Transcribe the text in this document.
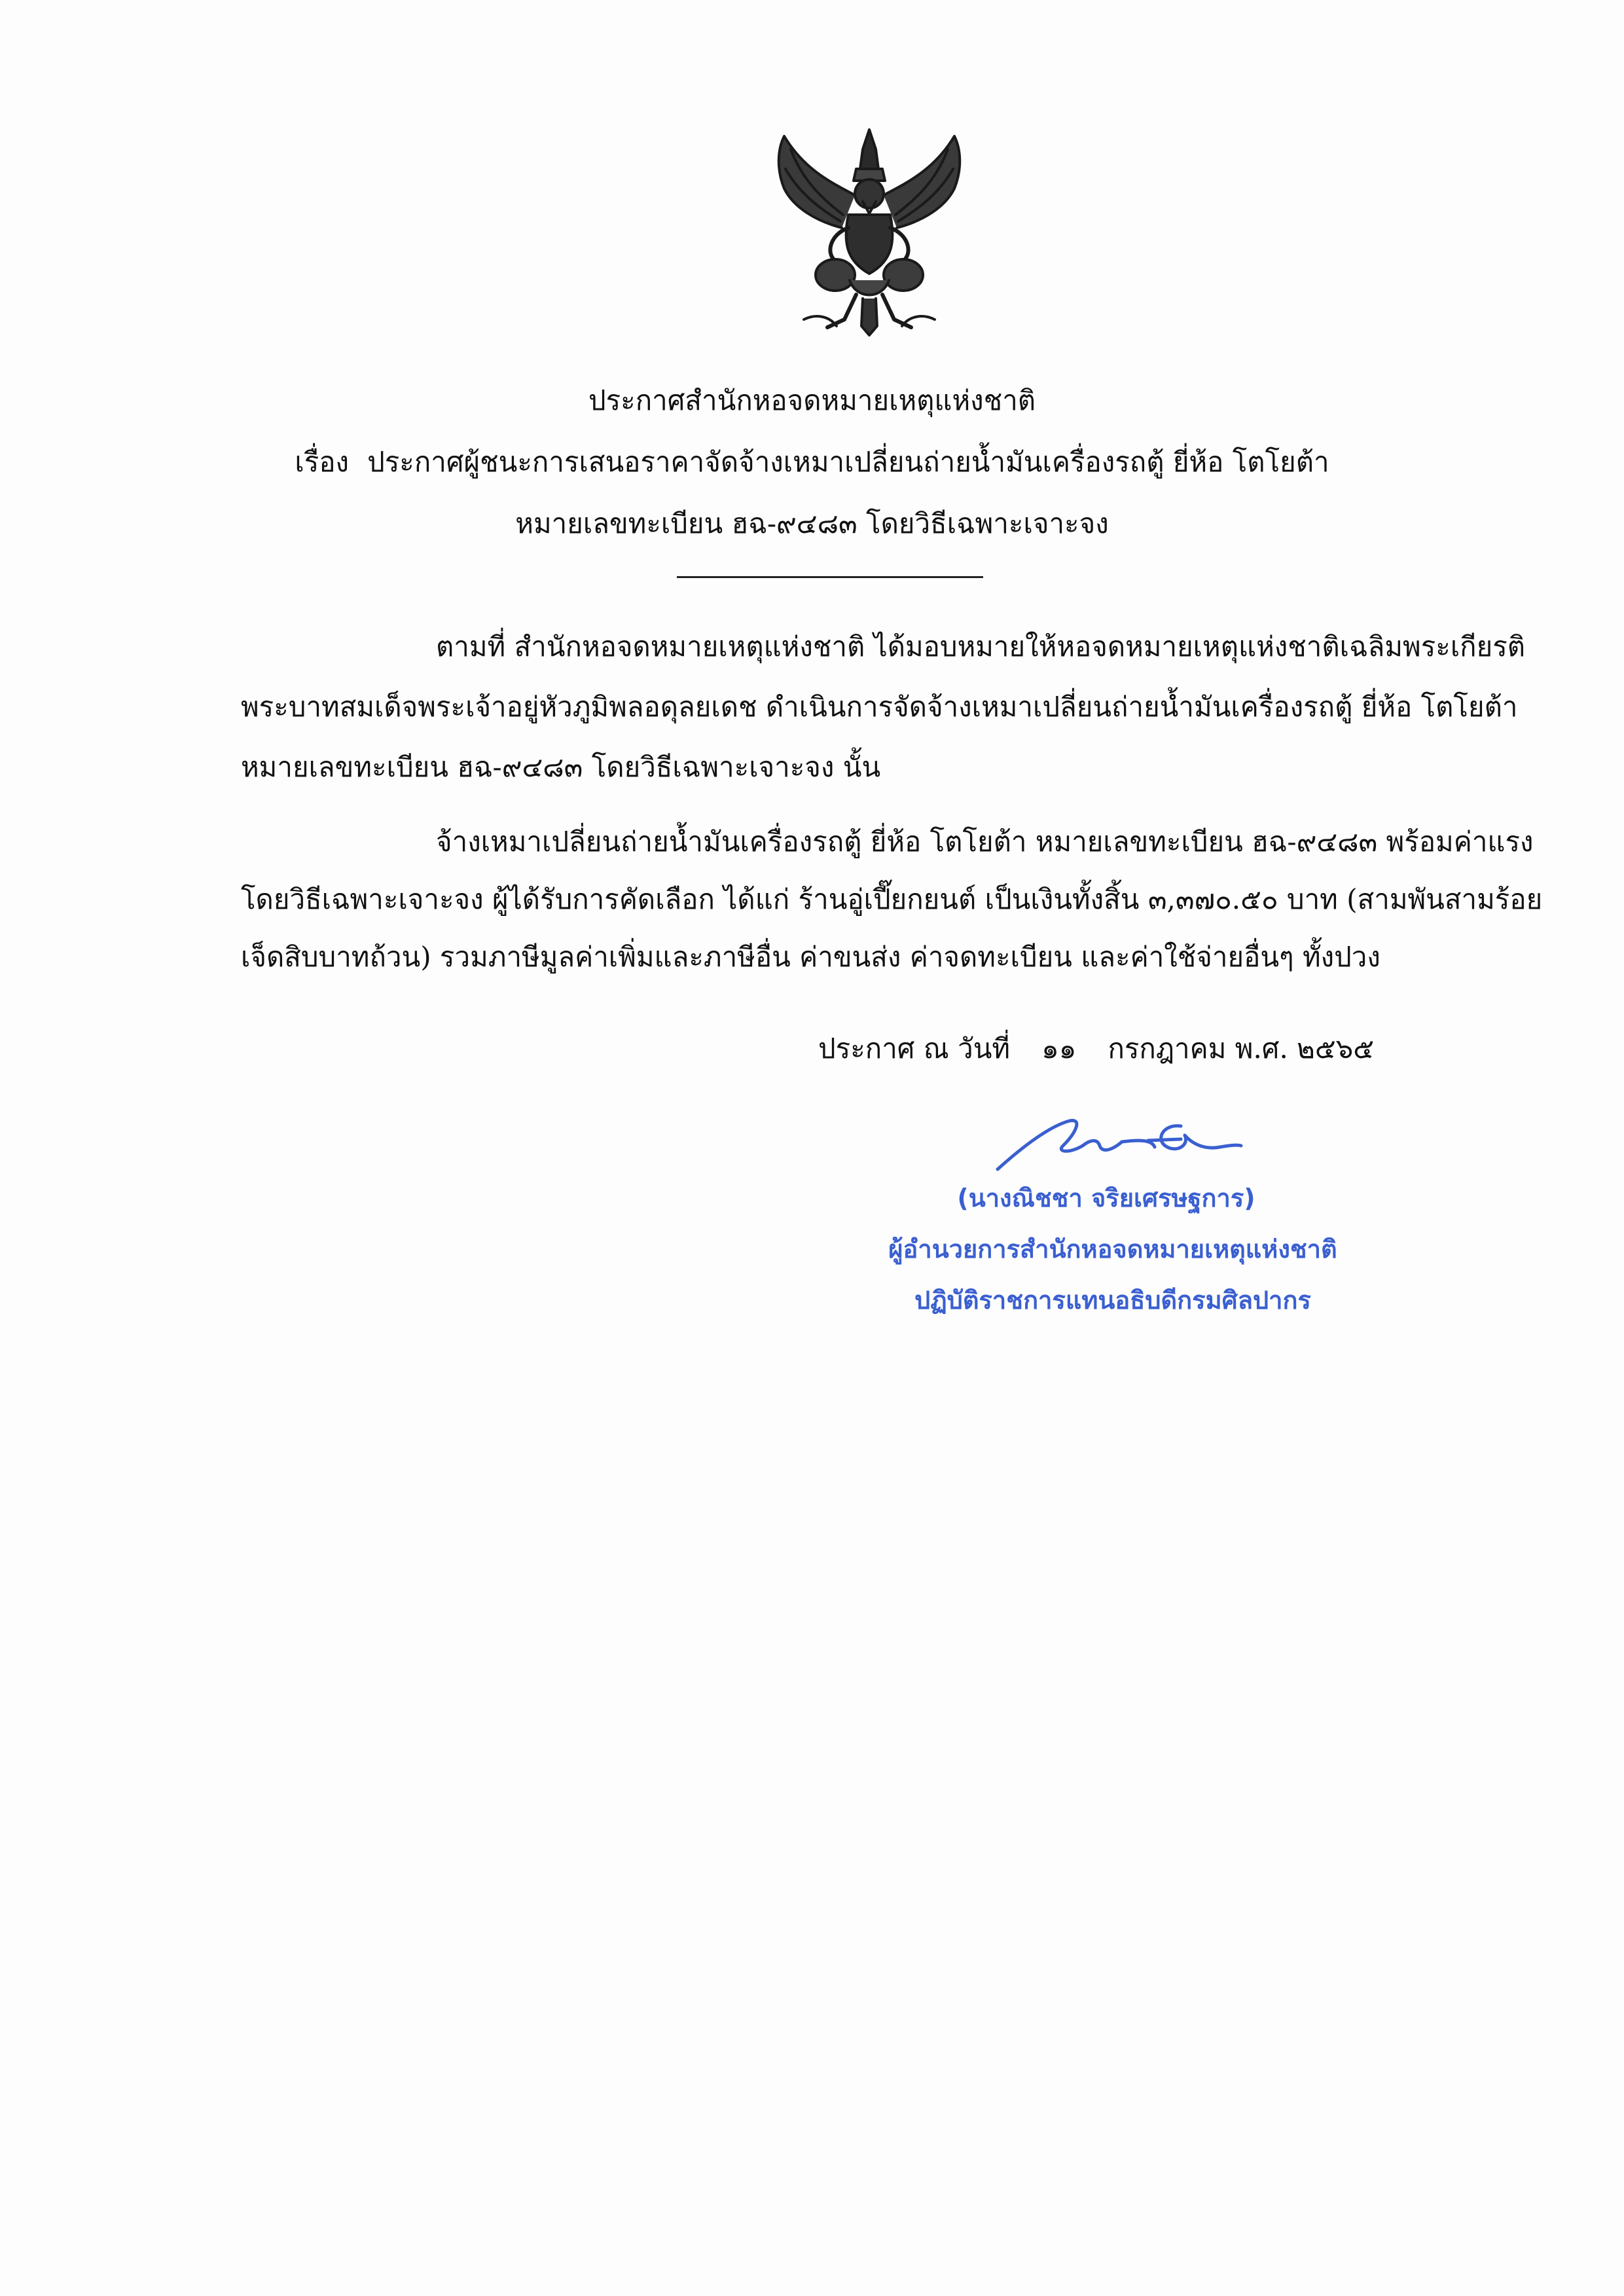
ประกาศสำนักหอจดหมายเหตุแห่งชาติ
เรื่อง ประกาศผู้ชนะการเสนอราคาจัดจ้างเหมาเปลี่ยนถ่ายน้ำมันเครื่องรถตู้ ยี่ห้อ โตโยต้า
หมายเลขทะเบียน ฮฉ-๙๔๘๓ โดยวิธีเฉพาะเจาะจง
ตามที่ สำนักหอจดหมายเหตุแห่งชาติ ได้มอบหมายให้หอจดหมายเหตุแห่งชาติเฉลิมพระเกียรติ
พระบาทสมเด็จพระเจ้าอยู่หัวภูมิพลอดุลยเดช ดำเนินการจัดจ้างเหมาเปลี่ยนถ่ายน้ำมันเครื่องรถตู้ ยี่ห้อ โตโยต้า
หมายเลขทะเบียน ฮฉ-๙๔๘๓ โดยวิธีเฉพาะเจาะจง นั้น
จ้างเหมาเปลี่ยนถ่ายน้ำมันเครื่องรถตู้ ยี่ห้อ โตโยต้า หมายเลขทะเบียน ฮฉ-๙๔๘๓ พร้อมค่าแรง
โดยวิธีเฉพาะเจาะจง ผู้ได้รับการคัดเลือก ได้แก่ ร้านอู่เปี๊ยกยนต์ เป็นเงินทั้งสิ้น ๓,๓๗๐.๕๐ บาท (สามพันสามร้อย
เจ็ดสิบบาทถ้วน) รวมภาษีมูลค่าเพิ่มและภาษีอื่น ค่าขนส่ง ค่าจดทะเบียน และค่าใช้จ่ายอื่นๆ ทั้งปวง
ประกาศ ณ วันที่ ๑๑ กรกฎาคม พ.ศ. ๒๕๖๕
(นางณิชชา จริยเศรษฐการ)
ผู้อำนวยการสำนักหอจดหมายเหตุแห่งชาติ
ปฏิบัติราชการแทนอธิบดีกรมศิลปากร
